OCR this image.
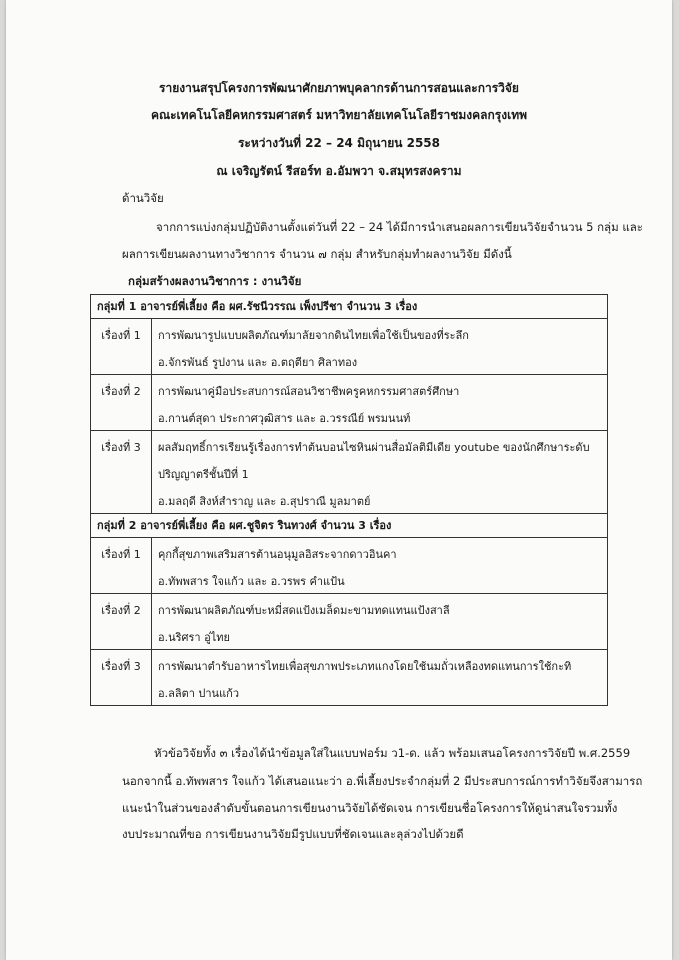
รายงานสรุปโครงการพัฒนาศักยภาพบุคลากรด้านการสอนและการวิจัย
คณะเทคโนโลยีคหกรรมศาสตร์ มหาวิทยาลัยเทคโนโลยีราชมงคลกรุงเทพ
ระหว่างวันที่ 22 – 24 มิถุนายน 2558
ณ เจริญรัตน์ รีสอร์ท อ.อัมพวา จ.สมุทรสงคราม
ด้านวิจัย
จากการแบ่งกลุ่มปฏิบัติงานตั้งแต่วันที่ 22 – 24 ได้มีการนำเสนอผลการเขียนวิจัยจำนวน 5 กลุ่ม และ
ผลการเขียนผลงานทางวิชาการ จำนวน ๗ กลุ่ม สำหรับกลุ่มทำผลงานวิจัย มีดังนี้
กลุ่มสร้างผลงานวิชาการ : งานวิจัย
กลุ่มที่ 1 อาจารย์พี่เลี้ยง คือ ผศ.รัชนีวรรณ เพ็งปรีชา จำนวน 3 เรื่อง	
เรื่องที่ 1	การพัฒนารูปแบบผลิตภัณฑ์มาลัยจากดินไทยเพื่อใช้เป็นของที่ระลึก
อ.จักรพันธ์ รูปงาน และ อ.ตฤตียา ศิลาทอง

เรื่องที่ 2	การพัฒนาคู่มือประสบการณ์สอนวิชาชีพครูคหกรรมศาสตร์ศึกษา
อ.กานต์สุดา ประกาศวุฒิสาร และ อ.วรรณีย์ พรมนนท์

เรื่องที่ 3	ผลสัมฤทธิ์การเรียนรู้เรื่องการทำต้นบอนไซหินผ่านสื่อมัลติมีเดีย youtube ของนักศึกษาระดับ
ปริญญาตรีชั้นปีที่ 1
อ.มลฤดี สิงห์สำราญ และ อ.สุปราณี มูลมาตย์

กลุ่มที่ 2 อาจารย์พี่เลี้ยง คือ ผศ.ชูจิตร รินทวงศ์ จำนวน 3 เรื่อง	
เรื่องที่ 1	คุกกี้สุขภาพเสริมสารต้านอนุมูลอิสระจากดาวอินคา
อ.ทัพพสาร ใจแก้ว และ อ.วรพร คำแป้น

เรื่องที่ 2	การพัฒนาผลิตภัณฑ์บะหมี่สดแป้งเมล็ดมะขามทดแทนแป้งสาลี
อ.นริศรา อู่ไทย

เรื่องที่ 3	การพัฒนาตำรับอาหารไทยเพื่อสุขภาพประเภทแกงโดยใช้นมถั่วเหลืองทดแทนการใช้กะทิ
อ.ลลิตา ปานแก้ว
หัวข้อวิจัยทั้ง ๓ เรื่องได้นำข้อมูลใส่ในแบบฟอร์ม ว1-ด. แล้ว พร้อมเสนอโครงการวิจัยปี พ.ศ.2559
นอกจากนี้ อ.ทัพพสาร ใจแก้ว ได้เสนอแนะว่า อ.พี่เลี้ยงประจำกลุ่มที่ 2 มีประสบการณ์การทำวิจัยจึงสามารถ
แนะนำในส่วนของลำดับขั้นตอนการเขียนงานวิจัยได้ชัดเจน การเขียนชื่อโครงการให้ดูน่าสนใจรวมทั้ง
งบประมาณที่ขอ การเขียนงานวิจัยมีรูปแบบที่ชัดเจนและลุล่วงไปด้วยดี
